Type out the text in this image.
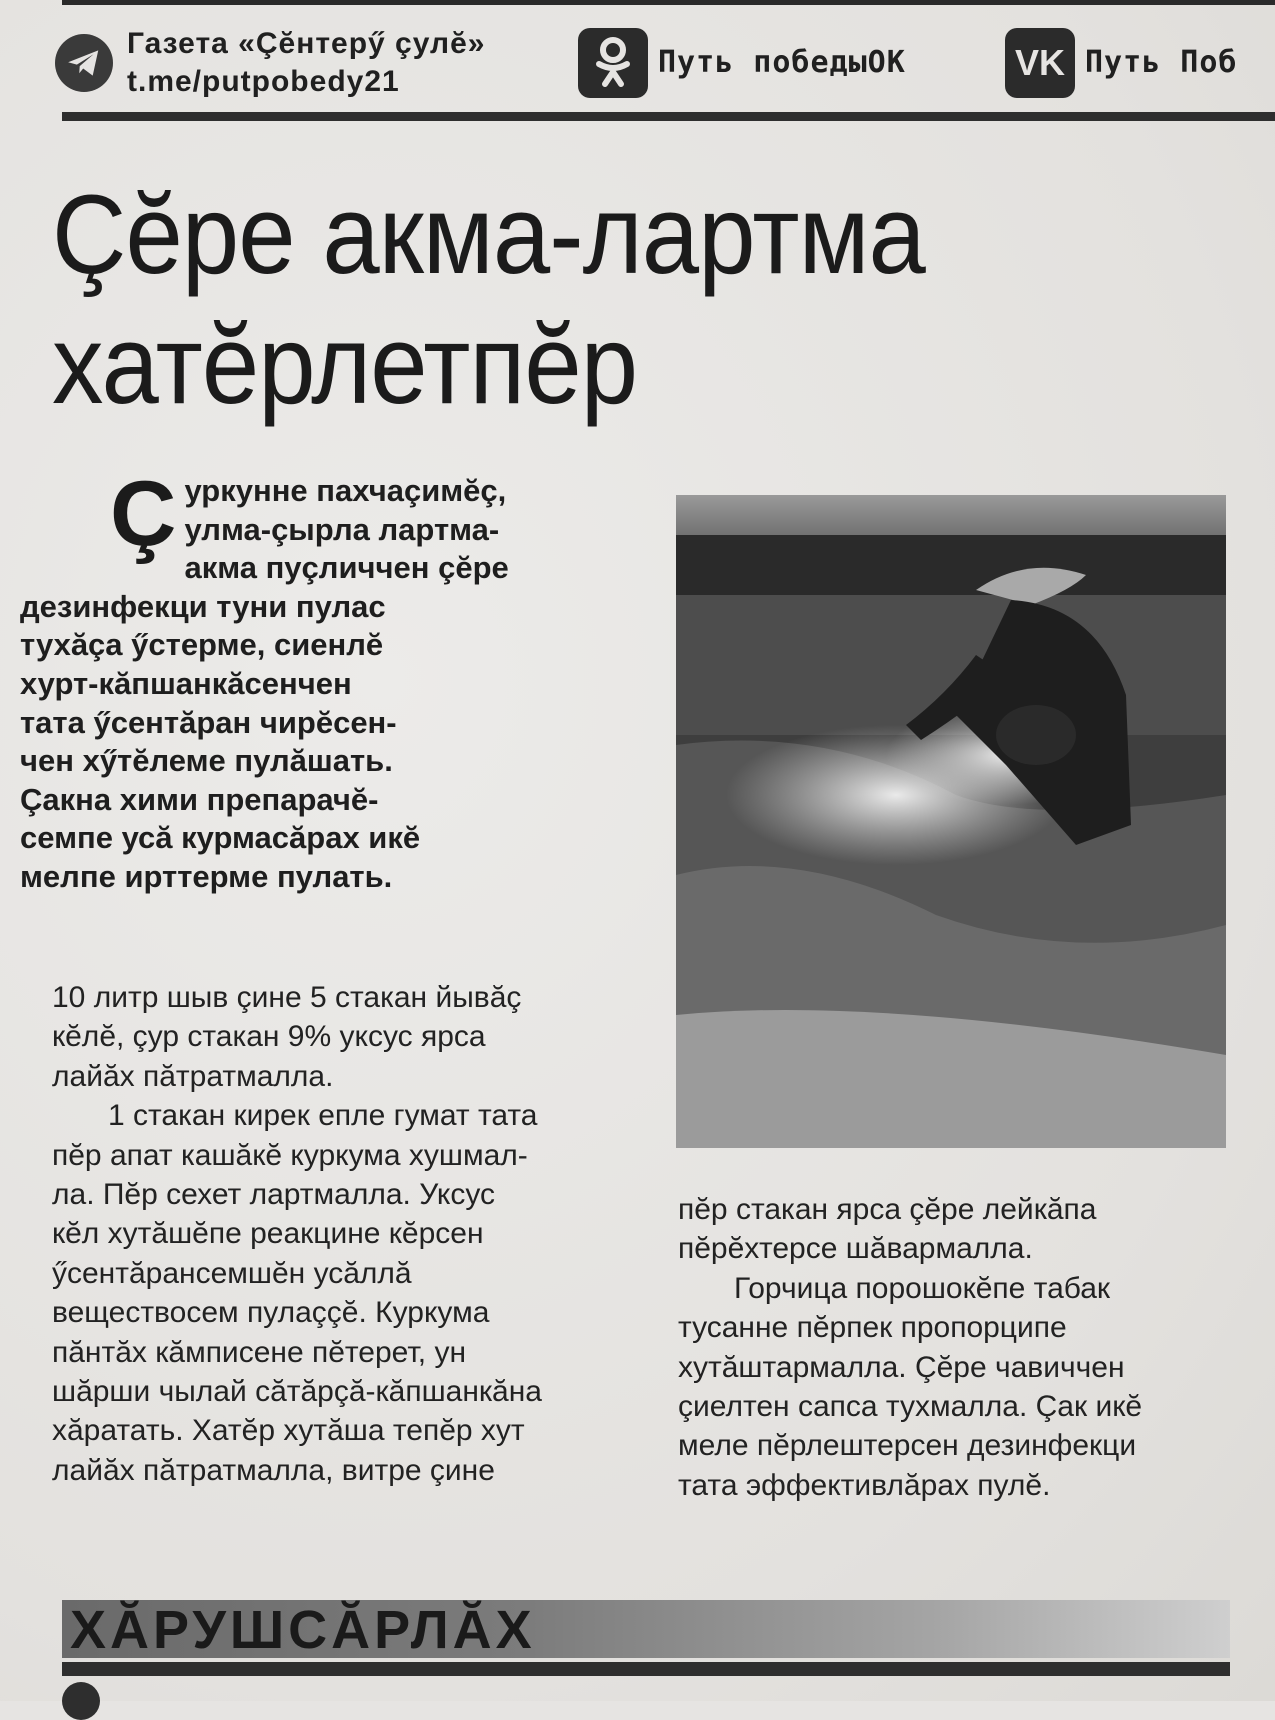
Газета «Çĕнтерӳ çулĕ»
t.me/putpobedy21
Путь победыОК	VK Путь Поб
Çĕре акма-лартма
хатĕрлетпĕр
Ç уркунне пахчаçимĕç,
улма-çырла лартма-
акма пуçличчен çĕре
дезинфекци туни пулас
тухăçа ӳстерме, сиенлĕ
хурт-кăпшанкăсенчен
тата ӳсентăран чирĕсен-
чен хӳтĕлеме пулăшать.
Çакна хими препарачĕ-
семпе усă курмасăрах икĕ
мелпе ирттерме пулать.
10 литр шыв çине 5 стакан йывăç
кĕлĕ, çур стакан 9% уксус ярса
лайăх пăтратмалла.
1 стакан кирек епле гумат тата
пĕр апат кашăкĕ куркума хушмал-
ла. Пĕр сехет лартмалла. Уксус
кĕл хутăшĕпе реакцине кĕрсен
ӳсентăрансемшĕн усăллă
веществосем пулаççĕ. Куркума
пăнтăх кăмписене пĕтерет, ун
шăрши чылай сăтăрçă-кăпшанкăна
хăратать. Хатĕр хутăша тепĕр хут
лайăх пăтратмалла, витре çине
пĕр стакан ярса çĕре лейкăпа
пĕрĕхтерсе шăвармалла.
Горчица порошокĕпе табак
тусанне пĕрпек пропорципе
хутăштармалла. Çĕре чавиччен
çиелтен сапса тухмалла. Çак икĕ
меле пĕрлештерсен дезинфекци
тата эффективлăрах пулĕ.
ХĂРУШСĂРЛĂХ
